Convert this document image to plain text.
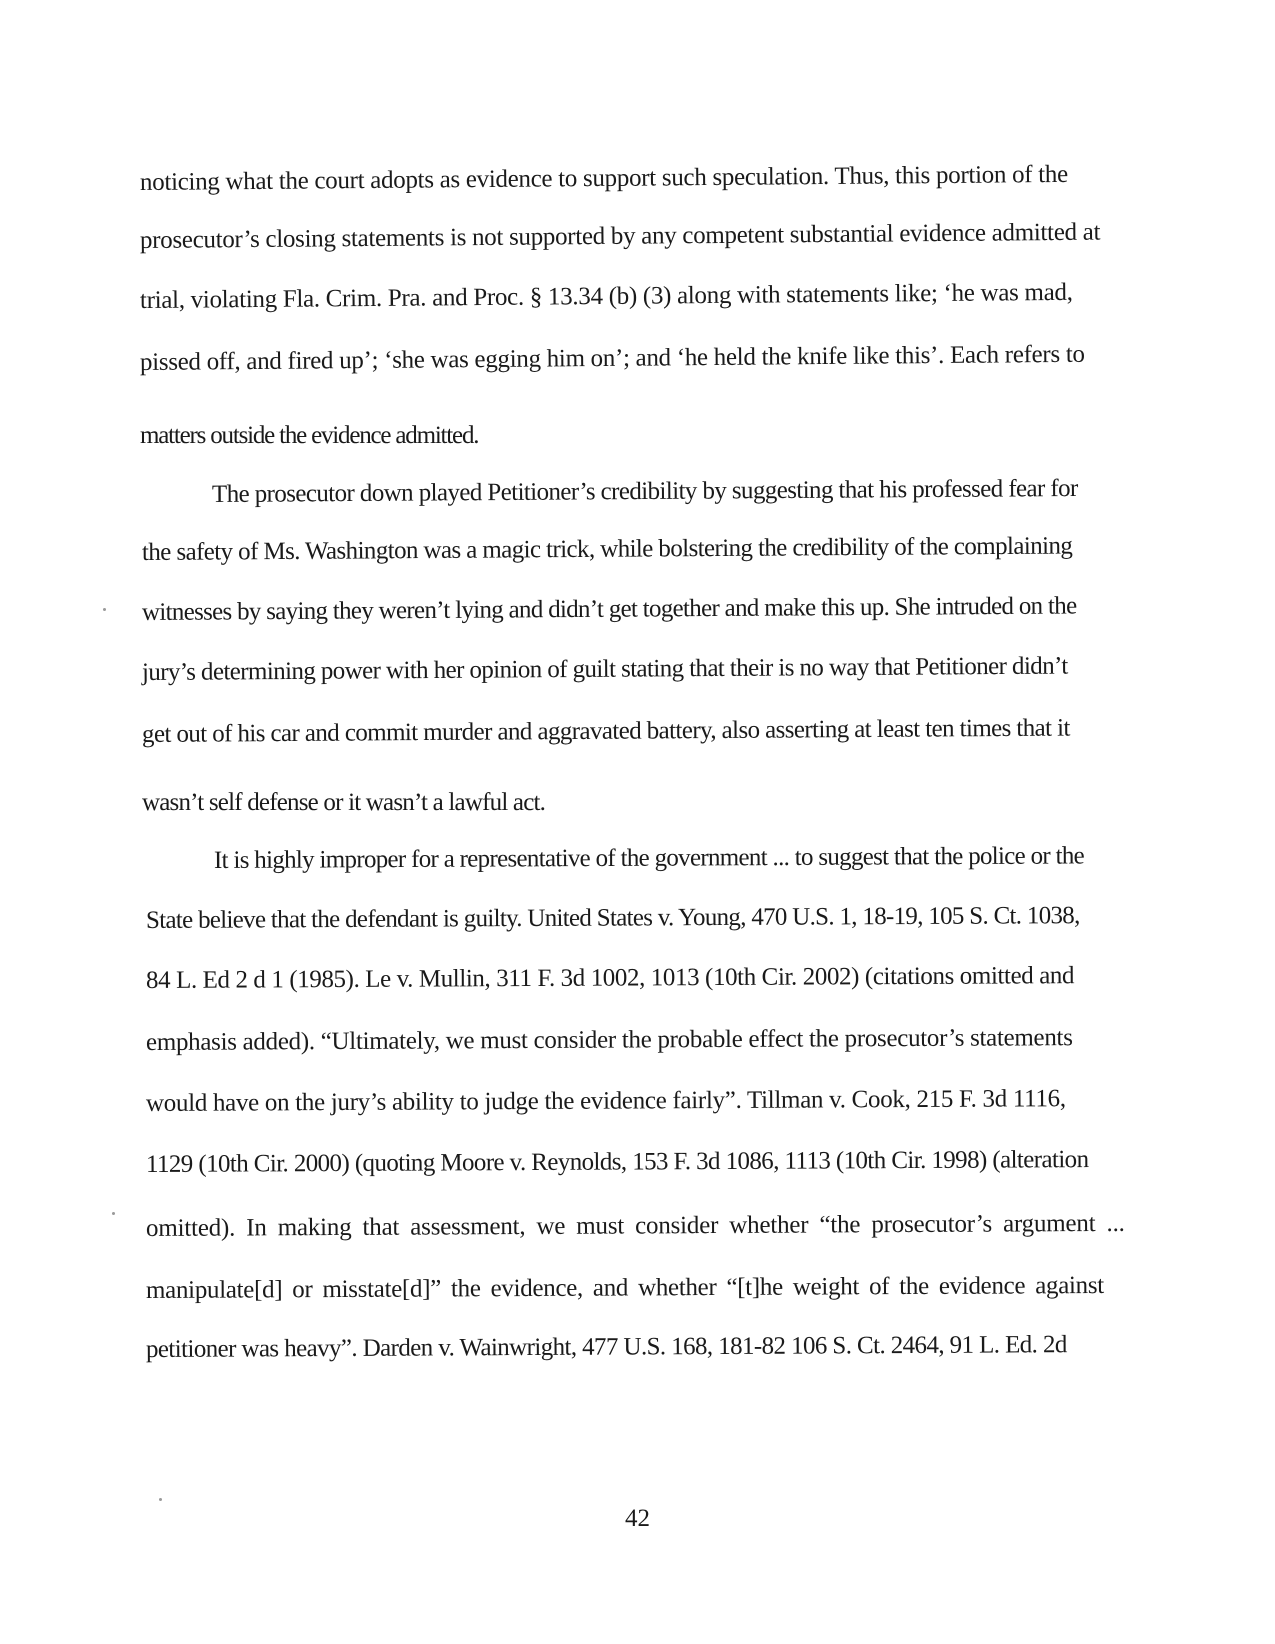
noticing what the court adopts as evidence to support such speculation. Thus, this portion of the
prosecutor’s closing statements is not supported by any competent substantial evidence admitted at
trial, violating Fla. Crim. Pra. and Proc. § 13.34 (b) (3) along with statements like; ‘he was mad,
pissed off, and fired up’; ‘she was egging him on’; and ‘he held the knife like this’. Each refers to
matters outside the evidence admitted.
The prosecutor down played Petitioner’s credibility by suggesting that his professed fear for
the safety of Ms. Washington was a magic trick, while bolstering the credibility of the complaining
witnesses by saying they weren’t lying and didn’t get together and make this up. She intruded on the
jury’s determining power with her opinion of guilt stating that their is no way that Petitioner didn’t
get out of his car and commit murder and aggravated battery, also asserting at least ten times that it
wasn’t self defense or it wasn’t a lawful act.
It is highly improper for a representative of the government ... to suggest that the police or the
State believe that the defendant is guilty. United States v. Young, 470 U.S. 1, 18-19, 105 S. Ct. 1038,
84 L. Ed 2 d 1 (1985). Le v. Mullin, 311 F. 3d 1002, 1013 (10th Cir. 2002) (citations omitted and
emphasis added). “Ultimately, we must consider the probable effect the prosecutor’s statements
would have on the jury’s ability to judge the evidence fairly”. Tillman v. Cook, 215 F. 3d 1116,
1129 (10th Cir. 2000) (quoting Moore v. Reynolds, 153 F. 3d 1086, 1113 (10th Cir. 1998) (alteration
omitted). In making that assessment, we must consider whether “the prosecutor’s argument ...
manipulate[d] or misstate[d]” the evidence, and whether “[t]he weight of the evidence against
petitioner was heavy”. Darden v. Wainwright, 477 U.S. 168, 181-82 106 S. Ct. 2464, 91 L. Ed. 2d
42
